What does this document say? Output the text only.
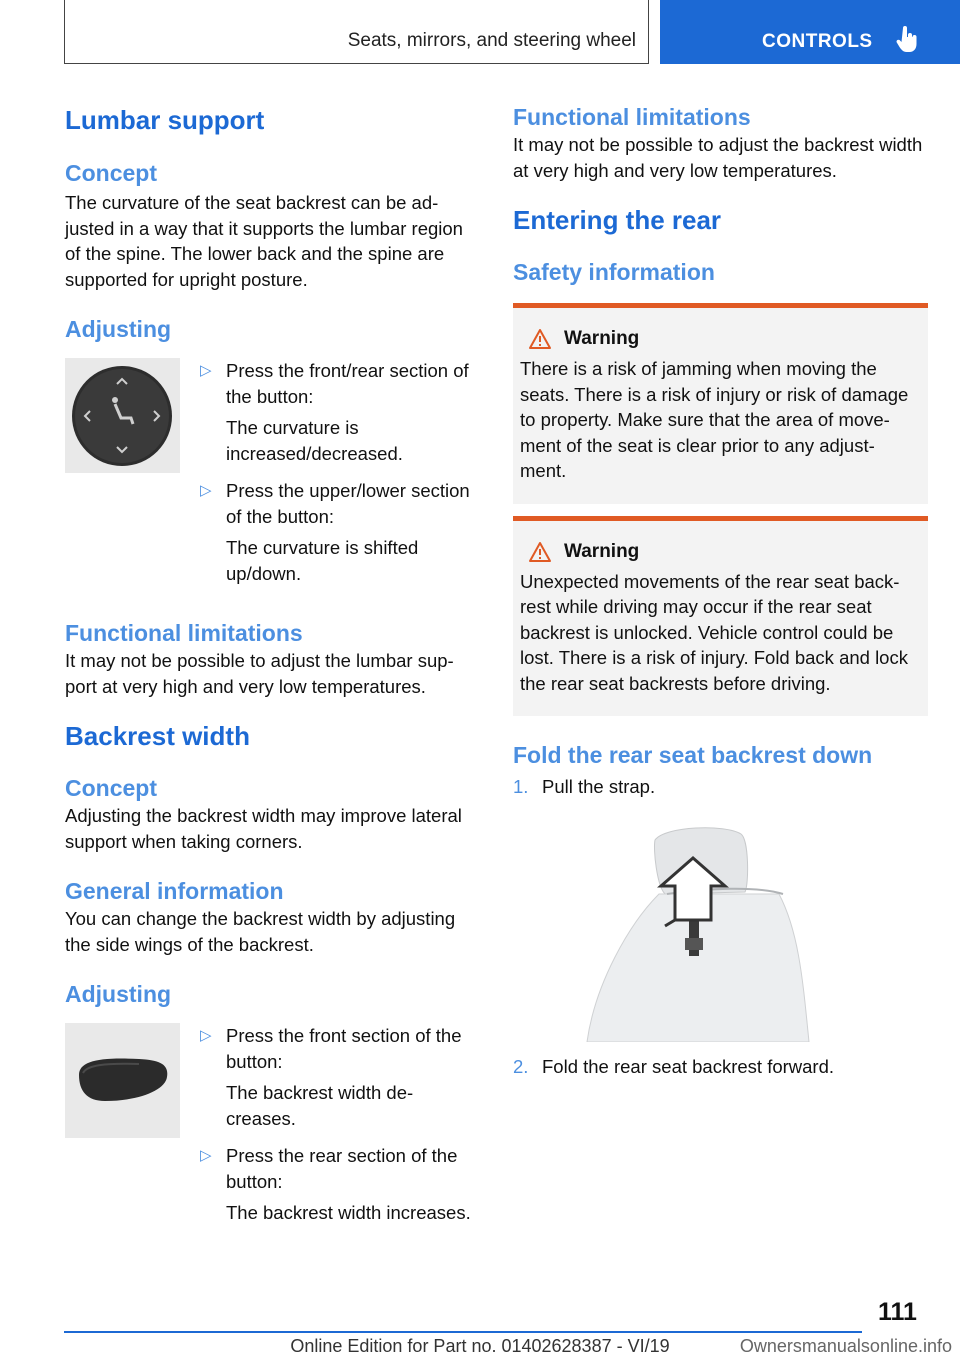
Seats, mirrors, and steering wheel	CONTROLS
Lumbar support
Concept

The curvature of the seat backrest can be ad‐justed in a way that it supports the lumbar region of the spine. The lower back and the spine are supported for upright posture.

Adjusting
▷ Press the front/rear section of the button:

The curvature is increased/decreased.

▷ Press the upper/lower section of the button:

The curvature is shifted up/down.

Functional limitations

It may not be possible to adjust the lumbar sup‐port at very high and very low temperatures.

Backrest width
Concept

Adjusting the backrest width may improve lateral support when taking corners.

General information

You can change the backrest width by adjusting the side wings of the backrest.

Adjusting
▷ Press the front section of the button:

The backrest width de‐creases.

▷ Press the rear section of the button:

The backrest width increases.

Functional limitations

It may not be possible to adjust the backrest width at very high and very low temperatures.

Entering the rear
Safety information
Warning

There is a risk of jamming when moving the seats. There is a risk of injury or risk of damage to property. Make sure that the area of move‐ment of the seat is clear prior to any adjust‐ment.

Warning

Unexpected movements of the rear seat back‐rest while driving may occur if the rear seat backrest is unlocked. Vehicle control could be lost. There is a risk of injury. Fold back and lock the rear seat backrests before driving.

Fold the rear seat backrest down
1. Pull the strap.

2. Fold the rear seat backrest forward.

111
Online Edition for Part no. 01402628387 - VI/19	Ownersmanualsonline.info
